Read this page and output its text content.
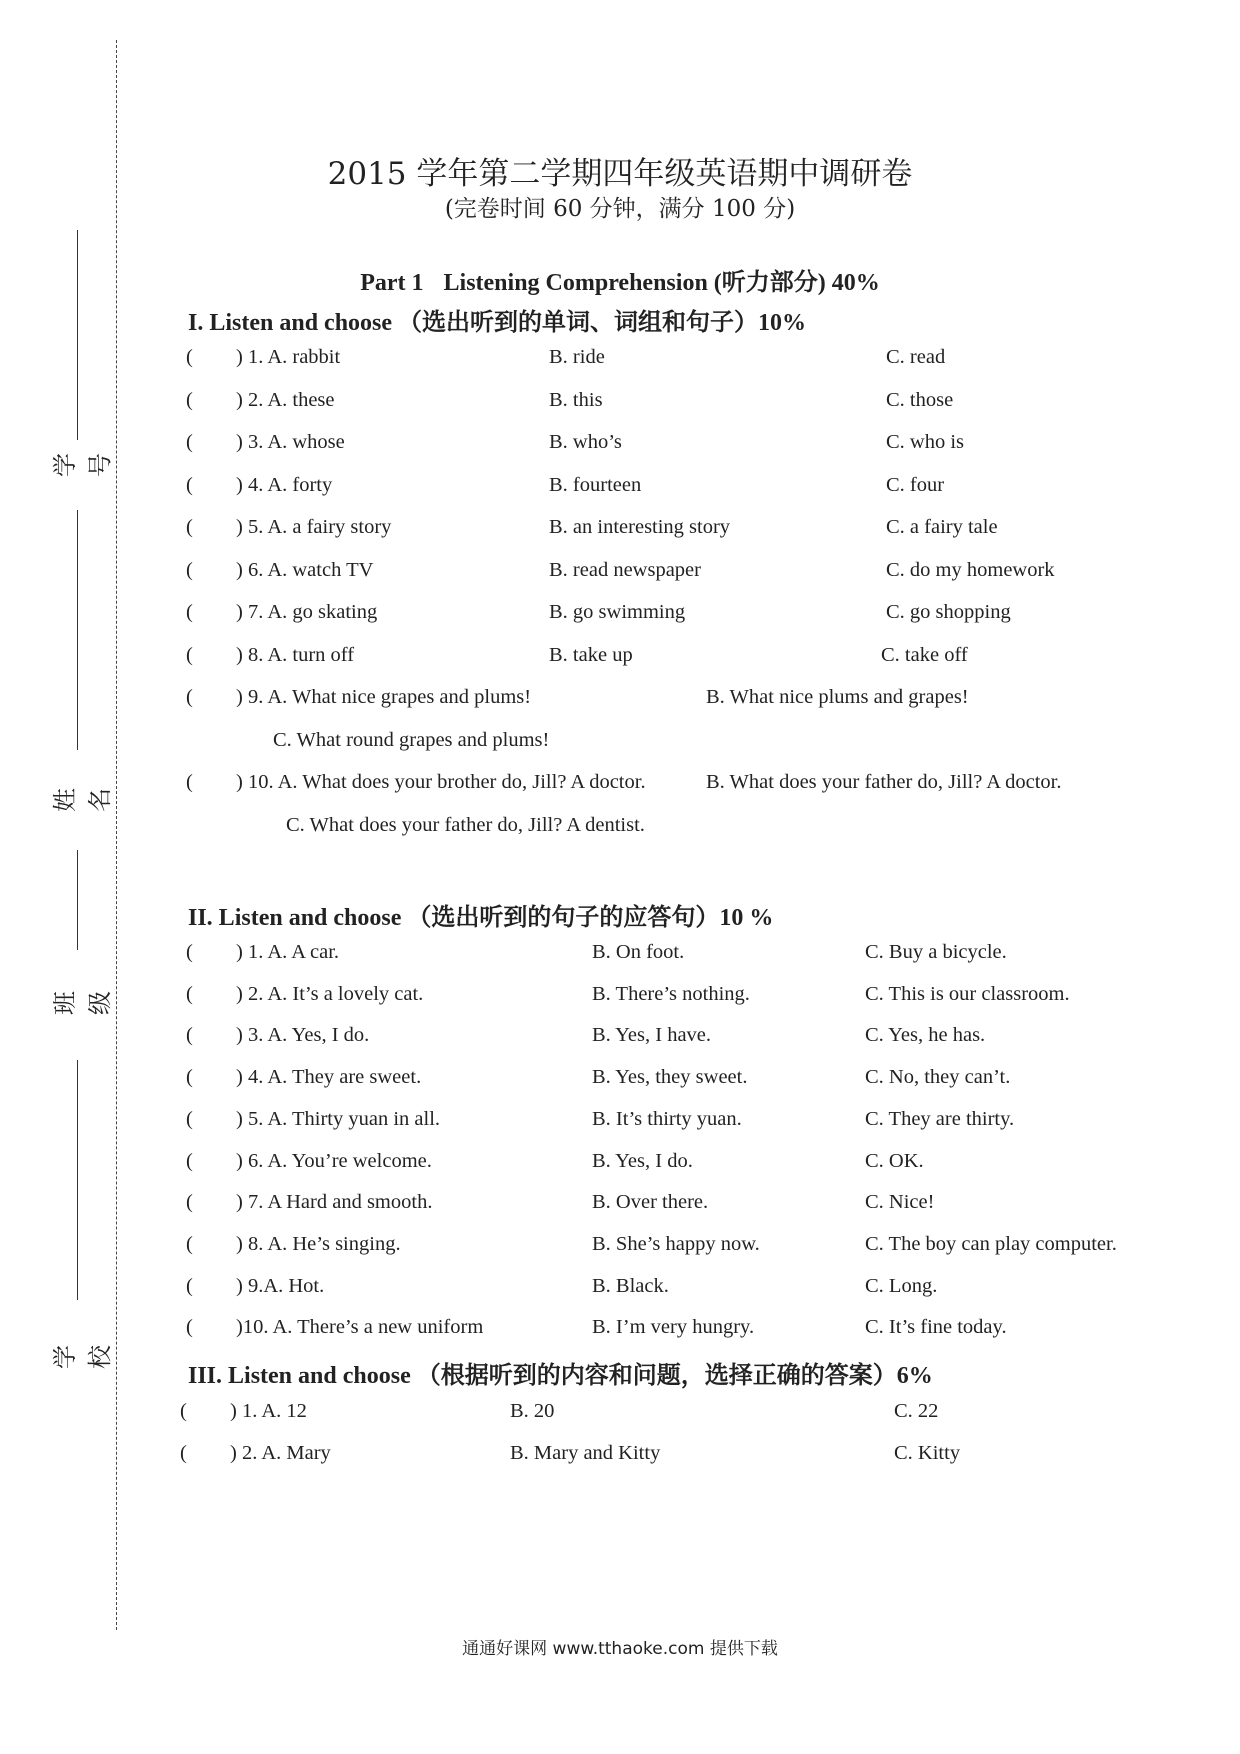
学号
姓名
班级
学校
2015 学年第二学期四年级英语期中调研卷
(完卷时间 60 分钟，满分 100 分)
Part 1 Listening Comprehension (听力部分) 40%
I. Listen and choose （选出听到的单词、词组和句子）10%
( ) 1. A. rabbit	B. ride	C. read
( ) 2. A. these	B. this	C. those
( ) 3. A. whose	B. who’s	C. who is
( ) 4. A. forty	B. fourteen	C. four
( ) 5. A. a fairy story	B. an interesting story	C. a fairy tale
( ) 6. A. watch TV	B. read newspaper	C. do my homework
( ) 7. A. go skating	B. go swimming	C. go shopping
( ) 8. A. turn off	B. take up	C. take off
( ) 9. A. What nice grapes and plums!	B. What nice plums and grapes!
C. What round grapes and plums!
( ) 10. A. What does your brother do, Jill? A doctor.	B. What does your father do, Jill? A doctor.
C. What does your father do, Jill? A dentist.
II. Listen and choose （选出听到的句子的应答句）10 %
( ) 1. A. A car.	B. On foot.	C. Buy a bicycle.
( ) 2. A. It’s a lovely cat.	B. There’s nothing.	C. This is our classroom.
( ) 3. A. Yes, I do.	B. Yes, I have.	C. Yes, he has.
( ) 4. A. They are sweet.	B. Yes, they sweet.	C. No, they can’t.
( ) 5. A. Thirty yuan in all.	B. It’s thirty yuan.	C. They are thirty.
( ) 6. A. You’re welcome.	B. Yes, I do.	C. OK.
( ) 7. A Hard and smooth.	B. Over there.	C. Nice!
( ) 8. A. He’s singing.	B. She’s happy now.	C. The boy can play computer.
( ) 9.A. Hot.	B. Black.	C. Long.
( )10. A. There’s a new uniform	B. I’m very hungry.	C. It’s fine today.
III. Listen and choose （根据听到的内容和问题，选择正确的答案）6%
( ) 1. A. 12	B. 20	C. 22
( ) 2. A. Mary	B. Mary and Kitty	C. Kitty
通通好课网 www.tthaoke.com 提供下载
